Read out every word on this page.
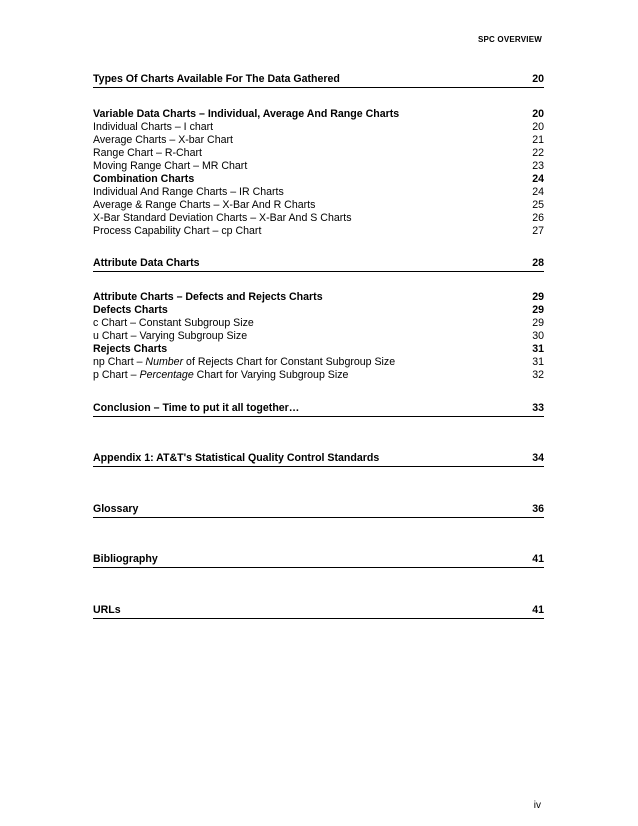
SPC OVERVIEW
Types Of Charts Available For The Data Gathered	20
Variable Data Charts – Individual, Average And Range Charts	20
Individual Charts – I chart	20
Average Charts – X-bar Chart	21
Range Chart – R-Chart	22
Moving Range Chart – MR Chart	23
Combination Charts	24
Individual And Range Charts – IR Charts	24
Average & Range Charts – X-Bar And R Charts	25
X-Bar Standard Deviation Charts – X-Bar And S Charts	26
Process Capability Chart – cp Chart	27
Attribute Data Charts	28
Attribute Charts – Defects and Rejects Charts	29
Defects Charts	29
c Chart – Constant Subgroup Size	29
u Chart – Varying Subgroup Size	30
Rejects Charts	31
np Chart – Number of Rejects Chart for Constant Subgroup Size	31
p Chart – Percentage Chart for Varying Subgroup Size	32
Conclusion – Time to put it all together…	33
Appendix 1: AT&T's Statistical Quality Control Standards	34
Glossary	36
Bibliography	41
URLs	41
iv
